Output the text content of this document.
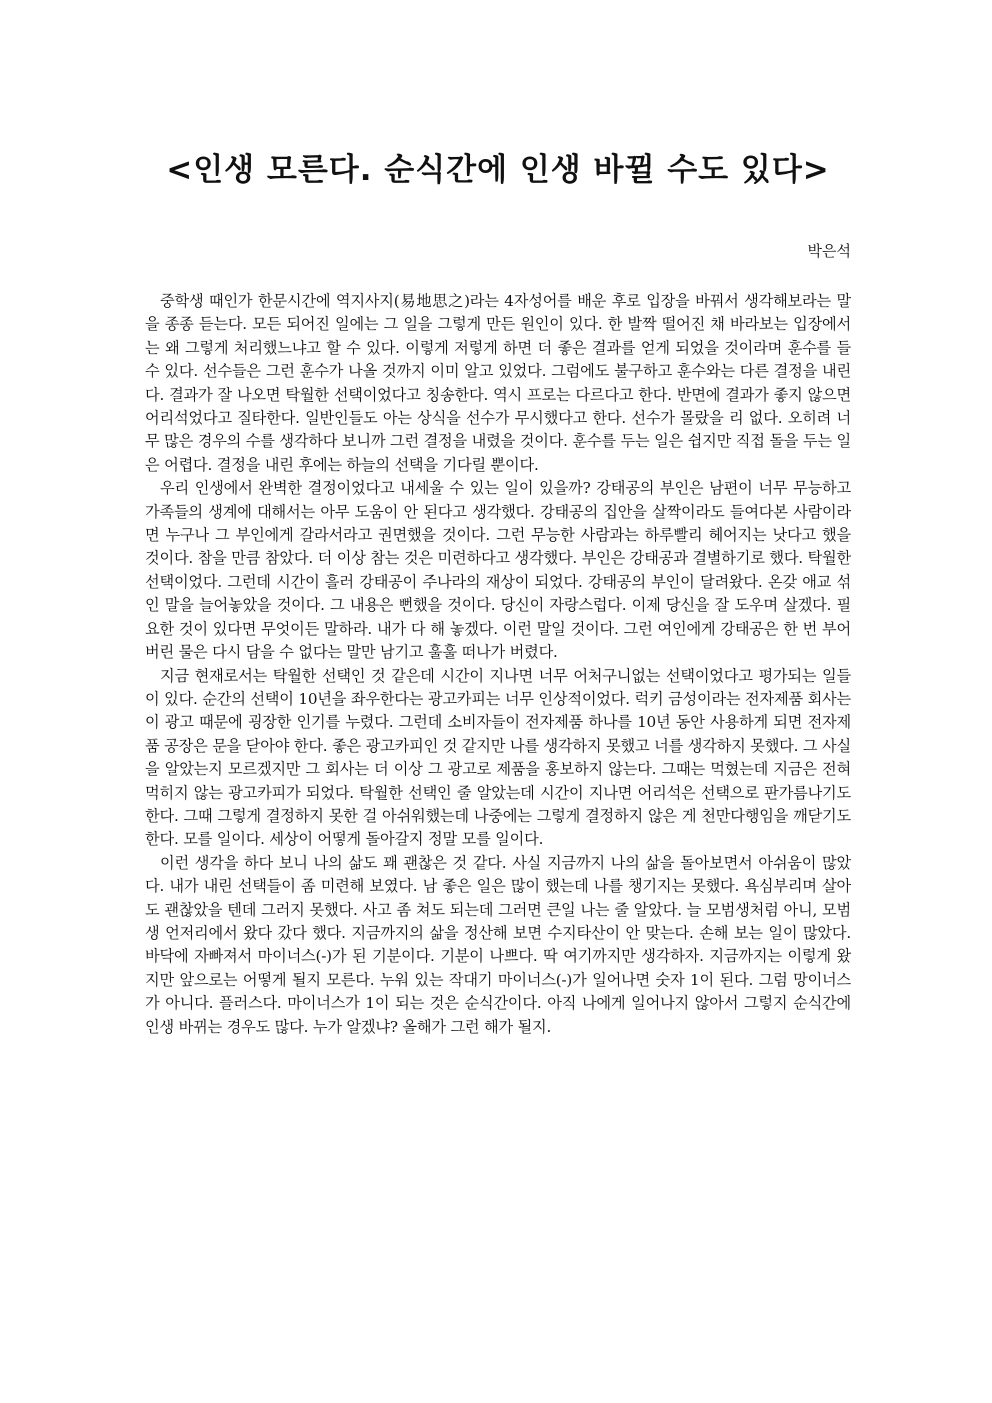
<인생 모른다. 순식간에 인생 바뀔 수도 있다>
박은석

중학생 때인가 한문시간에 역지사지(易地思之)라는 4자성어를 배운 후로 입장을 바꿔서 생각해보라는 말을 종종 듣는다. 모든 되어진 일에는 그 일을 그렇게 만든 원인이 있다. 한 발짝 떨어진 채 바라보는 입장에서는 왜 그렇게 처리했느냐고 할 수 있다. 이렇게 저렇게 하면 더 좋은 결과를 얻게 되었을 것이라며 훈수를 들 수 있다. 선수들은 그런 훈수가 나올 것까지 이미 알고 있었다. 그럼에도 불구하고 훈수와는 다른 결정을 내린다. 결과가 잘 나오면 탁월한 선택이었다고 칭송한다. 역시 프로는 다르다고 한다. 반면에 결과가 좋지 않으면 어리석었다고 질타한다. 일반인들도 아는 상식을 선수가 무시했다고 한다. 선수가 몰랐을 리 없다. 오히려 너무 많은 경우의 수를 생각하다 보니까 그런 결정을 내렸을 것이다. 훈수를 두는 일은 쉽지만 직접 돌을 두는 일은 어렵다. 결정을 내린 후에는 하늘의 선택을 기다릴 뿐이다.

우리 인생에서 완벽한 결정이었다고 내세울 수 있는 일이 있을까? 강태공의 부인은 남편이 너무 무능하고 가족들의 생계에 대해서는 아무 도움이 안 된다고 생각했다. 강태공의 집안을 살짝이라도 들여다본 사람이라면 누구나 그 부인에게 갈라서라고 권면했을 것이다. 그런 무능한 사람과는 하루빨리 헤어지는 낫다고 했을 것이다. 참을 만큼 참았다. 더 이상 참는 것은 미련하다고 생각했다. 부인은 강태공과 결별하기로 했다. 탁월한 선택이었다. 그런데 시간이 흘러 강태공이 주나라의 재상이 되었다. 강태공의 부인이 달려왔다. 온갖 애교 섞인 말을 늘어놓았을 것이다. 그 내용은 뻔했을 것이다. 당신이 자랑스럽다. 이제 당신을 잘 도우며 살겠다. 필요한 것이 있다면 무엇이든 말하라. 내가 다 해 놓겠다. 이런 말일 것이다. 그런 여인에게 강태공은 한 번 부어버린 물은 다시 담을 수 없다는 말만 남기고 훌훌 떠나가 버렸다.

지금 현재로서는 탁월한 선택인 것 같은데 시간이 지나면 너무 어처구니없는 선택이었다고 평가되는 일들이 있다. 순간의 선택이 10년을 좌우한다는 광고카피는 너무 인상적이었다. 럭키 금성이라는 전자제품 회사는 이 광고 때문에 굉장한 인기를 누렸다. 그런데 소비자들이 전자제품 하나를 10년 동안 사용하게 되면 전자제품 공장은 문을 닫아야 한다. 좋은 광고카피인 것 같지만 나를 생각하지 못했고 너를 생각하지 못했다. 그 사실을 알았는지 모르겠지만 그 회사는 더 이상 그 광고로 제품을 홍보하지 않는다. 그때는 먹혔는데 지금은 전혀 먹히지 않는 광고카피가 되었다. 탁월한 선택인 줄 알았는데 시간이 지나면 어리석은 선택으로 판가름나기도 한다. 그때 그렇게 결정하지 못한 걸 아쉬워했는데 나중에는 그렇게 결정하지 않은 게 천만다행임을 깨닫기도 한다. 모를 일이다. 세상이 어떻게 돌아갈지 정말 모를 일이다.

이런 생각을 하다 보니 나의 삶도 꽤 괜찮은 것 같다. 사실 지금까지 나의 삶을 돌아보면서 아쉬움이 많았다. 내가 내린 선택들이 좀 미련해 보였다. 남 좋은 일은 많이 했는데 나를 챙기지는 못했다. 욕심부리며 살아도 괜찮았을 텐데 그러지 못했다. 사고 좀 쳐도 되는데 그러면 큰일 나는 줄 알았다. 늘 모범생처럼 아니, 모범생 언저리에서 왔다 갔다 했다. 지금까지의 삶을 정산해 보면 수지타산이 안 맞는다. 손해 보는 일이 많았다. 바닥에 자빠져서 마이너스(-)가 된 기분이다. 기분이 나쁘다. 딱 여기까지만 생각하자. 지금까지는 이렇게 왔지만 앞으로는 어떻게 될지 모른다. 누워 있는 작대기 마이너스(-)가 일어나면 숫자 1이 된다. 그럼 망이너스가 아니다. 플러스다. 마이너스가 1이 되는 것은 순식간이다. 아직 나에게 일어나지 않아서 그렇지 순식간에 인생 바뀌는 경우도 많다. 누가 알겠냐? 올해가 그런 해가 될지.
